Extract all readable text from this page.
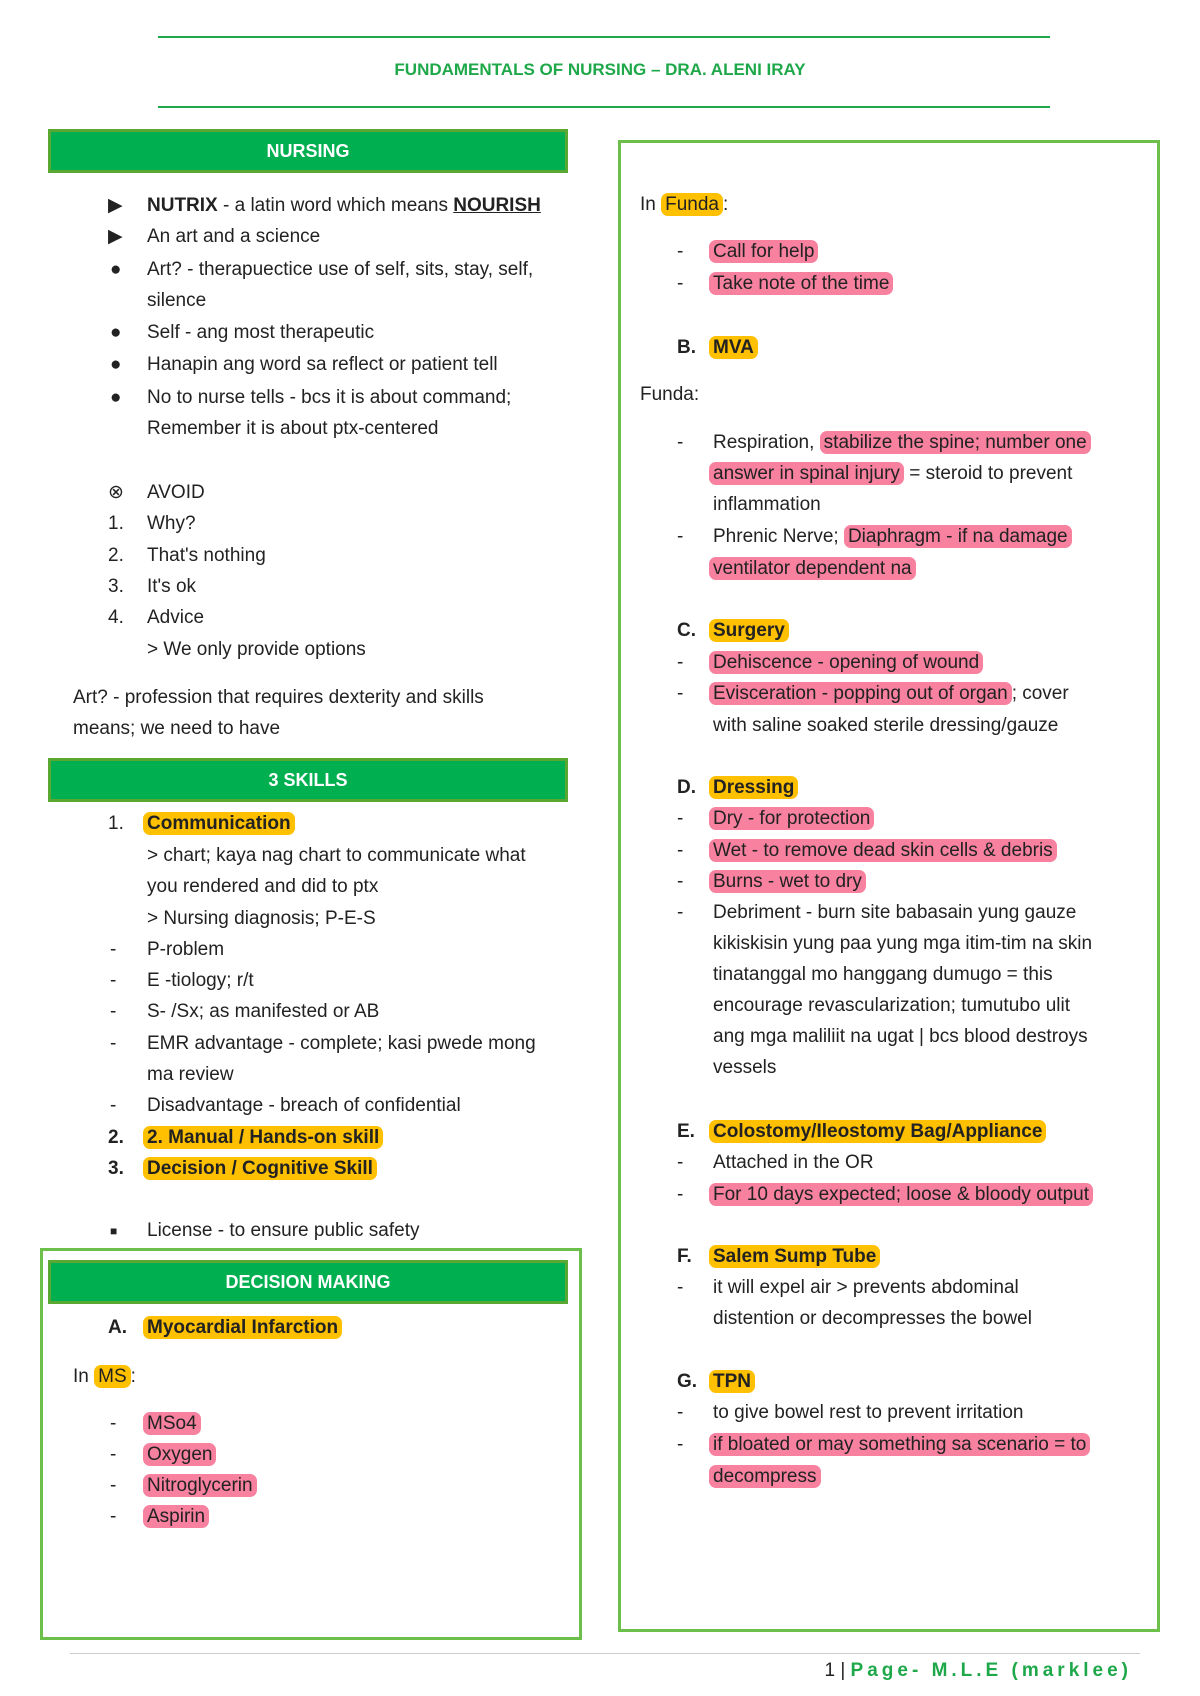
FUNDAMENTALS OF NURSING – DRA. ALENI IRAY
NURSING
▶ NUTRIX - a latin word which means NOURISH
▶ An art and a science
● Art? - therapuectice use of self, sits, stay, self,
silence
● Self - ang most therapeutic
● Hanapin ang word sa reflect or patient tell
● No to nurse tells - bcs it is about command;
Remember it is about ptx-centered
⊗ AVOID
1. Why?
2. That's nothing
3. It's ok
4. Advice
> We only provide options
Art? - profession that requires dexterity and skills
means; we need to have
3 SKILLS
1. Communication
> chart; kaya nag chart to communicate what
you rendered and did to ptx
> Nursing diagnosis; P-E-S
- P-roblem
- E -tiology; r/t
- S- /Sx; as manifested or AB
- EMR advantage - complete; kasi pwede mong
ma review
- Disadvantage - breach of confidential
2. 2. Manual / Hands-on skill
3. Decision / Cognitive Skill
■ License - to ensure public safety
DECISION MAKING
A. Myocardial Infarction
In MS :
- MSo4
- Oxygen
- Nitroglycerin
- Aspirin
In Funda :
- Call for help
- Take note of the time
B. MVA
Funda:
- Respiration, stabilize the spine; number one
answer in spinal injury = steroid to prevent
inflammation
- Phrenic Nerve; Diaphragm - if na damage
ventilator dependent na
C. Surgery
- Dehiscence - opening of wound
- Evisceration - popping out of organ ; cover
with saline soaked sterile dressing/gauze
D. Dressing
- Dry - for protection
- Wet - to remove dead skin cells & debris
- Burns - wet to dry
- Debriment - burn site babasain yung gauze
kikiskisin yung paa yung mga itim-tim na skin
tinatanggal mo hanggang dumugo = this
encourage revascularization; tumutubo ulit
ang mga maliliit na ugat | bcs blood destroys
vessels
E. Colostomy/Ileostomy Bag/Appliance
- Attached in the OR
- For 10 days expected; loose & bloody output
F. Salem Sump Tube
- it will expel air > prevents abdominal
distention or decompresses the bowel
G. TPN
- to give bowel rest to prevent irritation
- if bloated or may something sa scenario = to
decompress
1 | Page- M.L.E (marklee)
